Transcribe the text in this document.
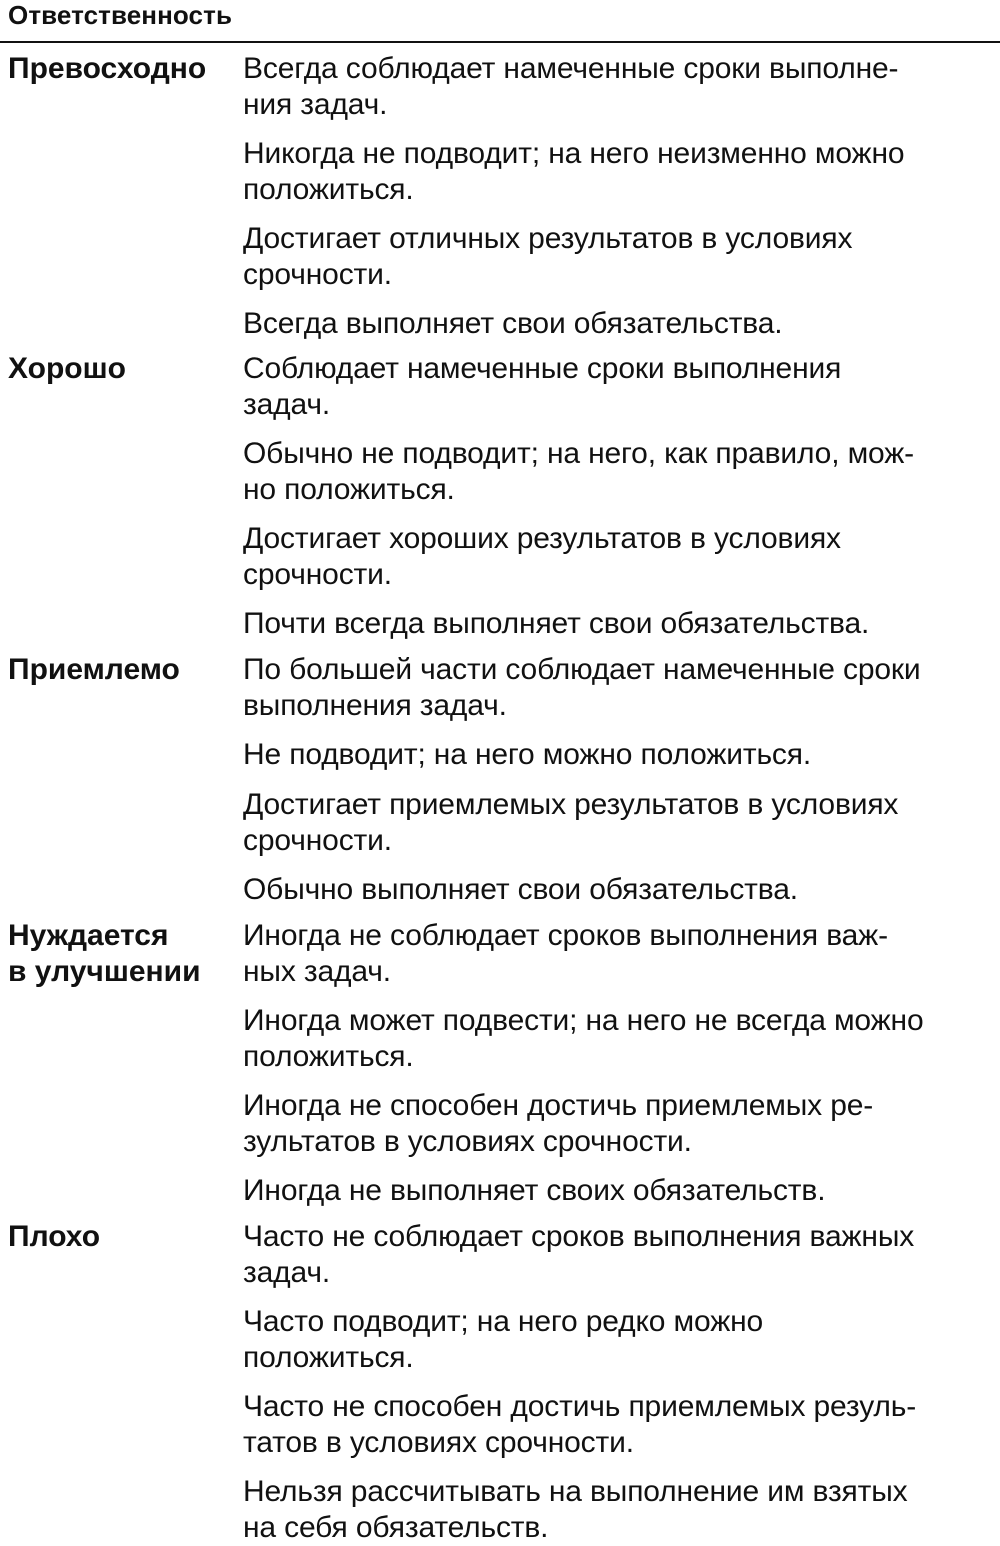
Ответственность
Превосходно Всегда соблюдает намеченные сроки выполне-
ния задач.
Никогда не подводит; на него неизменно можно
положиться.
Достигает отличных результатов в условиях
срочности.
Всегда выполняет свои обязательства.
Хорошо	Соблюдает намеченные сроки выполнения
задач.
Обычно не подводит; на него, как правило, мож-
но положиться.
Достигает хороших результатов в условиях
срочности.
Почти всегда выполняет свои обязательства.
Приемлемо По большей части соблюдает намеченные сроки
выполнения задач.
Не подводит; на него можно положиться.
Достигает приемлемых результатов в условиях
срочности.
Обычно выполняет свои обязательства.
Нуждается
в улучшении
Иногда не соблюдает сроков выполнения важ-
ных задач.
Иногда может подвести; на него не всегда можно
положиться.
Иногда не способен достичь приемлемых ре-
зультатов в условиях срочности.
Иногда не выполняет своих обязательств.
Плохо	Часто не соблюдает сроков выполнения важных
задач.
Часто подводит; на него редко можно
положиться.
Часто не способен достичь приемлемых резуль-
татов в условиях срочности.
Нельзя рассчитывать на выполнение им взятых
на себя обязательств.
